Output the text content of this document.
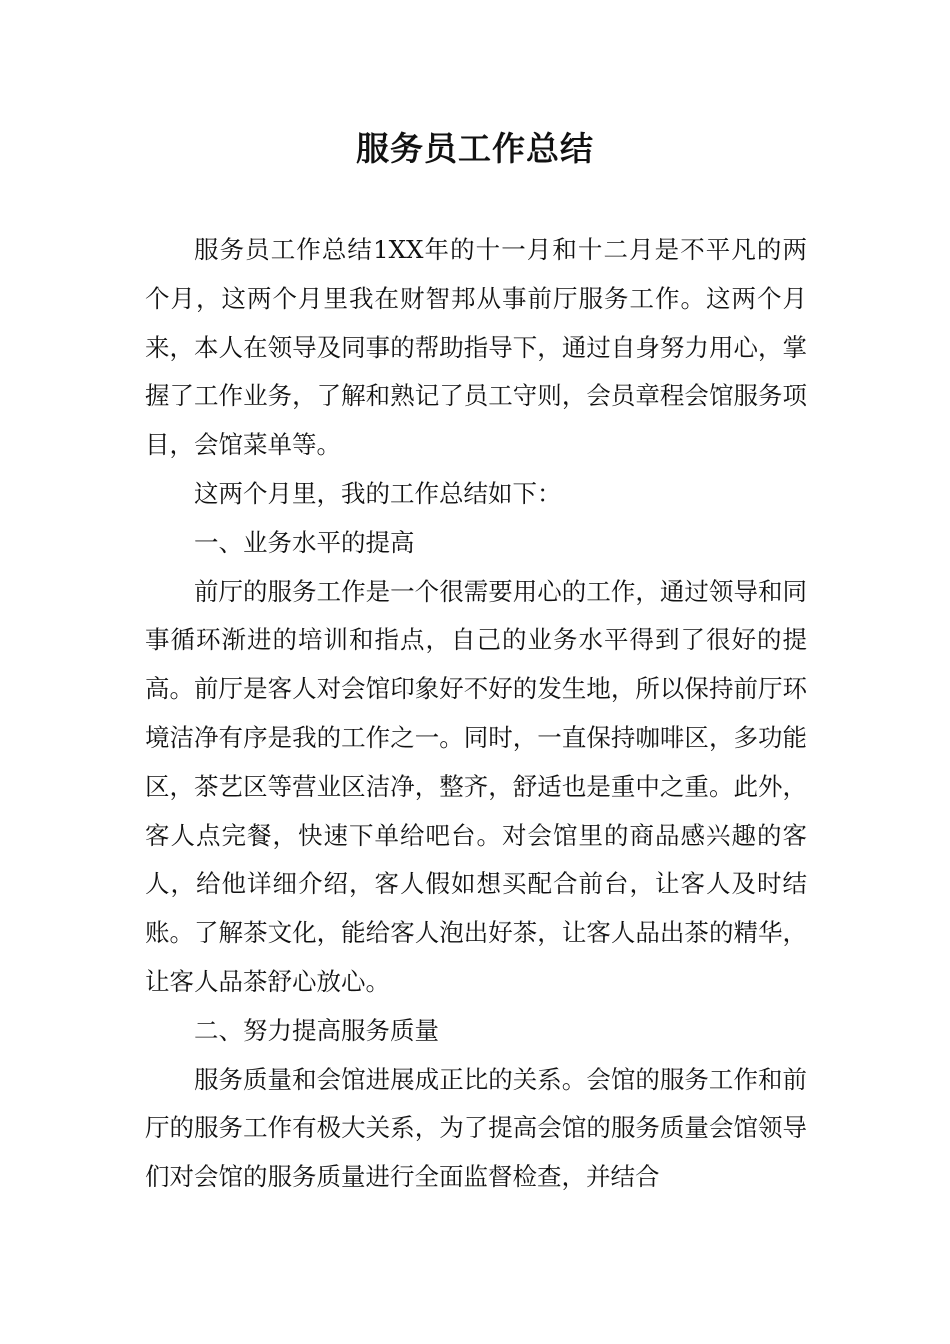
服务员工作总结

服务员工作总结1XX年的十一月和十二月是不平凡的两个月，这两个月里我在财智邦从事前厅服务工作。这两个月来，本人在领导及同事的帮助指导下，通过自身努力用心，掌握了工作业务，了解和熟记了员工守则，会员章程会馆服务项目，会馆菜单等。

这两个月里，我的工作总结如下：

一、业务水平的提高

前厅的服务工作是一个很需要用心的工作，通过领导和同事循环渐进的培训和指点，自己的业务水平得到了很好的提高。前厅是客人对会馆印象好不好的发生地，所以保持前厅环境洁净有序是我的工作之一。同时，一直保持咖啡区，多功能区，茶艺区等营业区洁净，整齐，舒适也是重中之重。此外，客人点完餐，快速下单给吧台。对会馆里的商品感兴趣的客人，给他详细介绍，客人假如想买配合前台，让客人及时结账。了解茶文化，能给客人泡出好茶，让客人品出茶的精华，让客人品茶舒心放心。

二、努力提高服务质量

服务质量和会馆进展成正比的关系。会馆的服务工作和前厅的服务工作有极大关系，为了提高会馆的服务质量会馆领导们对会馆的服务质量进行全面监督检查，并结合
